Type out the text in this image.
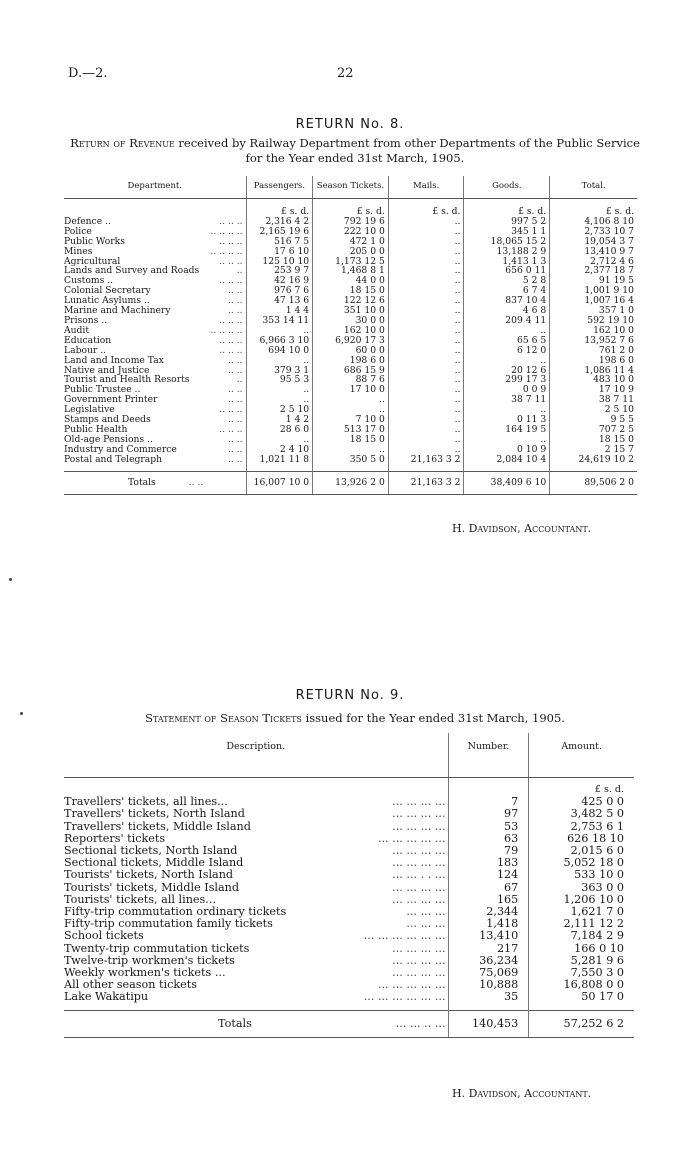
D.—2.	22
RETURN No. 8.
Return of Revenue received by Railway Department from other Departments of the Public Service for the Year ended 31st March, 1905.
Department.	Passengers.	Season Tickets.	Mails.	Goods.	Total.
	£ s. d.	£ s. d.	£ s. d.	£ s. d.	£ s. d.
Defence .. .. .. ..	2,316 4 2	792 19 6	..	997 5 2	4,106 8 10
Police .. .. .. ..	2,165 19 6	222 10 0	..	345 1 1	2,733 10 7
Public Works .. .. ..	516 7 5	472 1 0	..	18,065 15 2	19,054 3 7
Mines .. .. .. ..	17 6 10	205 0 0	..	13,188 2 9	13,410 9 7
Agricultural .. .. ..	125 10 10	1,173 12 5	..	1,413 1 3	2,712 4 6
Lands and Survey and Roads ..	253 9 7	1,468 8 1	..	656 0 11	2,377 18 7
Customs .. .. .. ..	42 16 9	44 0 0	..	5 2 8	91 19 5
Colonial Secretary .. ..	976 7 6	18 15 0	..	6 7 4	1,001 9 10
Lunatic Asylums .. .. ..	47 13 6	122 12 6	..	837 10 4	1,007 16 4
Marine and Machinery .. ..	1 4 4	351 10 0	..	4 6 8	357 1 0
Prisons .. .. .. ..	353 14 11	30 0 0	..	209 4 11	592 19 10
Audit .. .. .. ..	..	162 10 0	..	..	162 10 0
Education .. .. ..	6,966 3 10	6,920 17 3	..	65 6 5	13,952 7 6
Labour .. .. .. ..	694 10 0	60 0 0	..	6 12 0	761 2 0
Land and Income Tax .. ..	..	198 6 0	..	..	198 6 0
Native and Justice .. ..	379 3 1	686 15 9	..	20 12 6	1,086 11 4
Tourist and Health Resorts ..	95 5 3	88 7 6	..	299 17 3	483 10 0
Public Trustee .. .. ..	..	17 10 0	..	0 0 9	17 10 9
Government Printer .. ..	..	..	..	38 7 11	38 7 11
Legislative .. .. ..	2 5 10	..	..	..	2 5 10
Stamps and Deeds .. ..	1 4 2	7 10 0	..	0 11 3	9 5 5
Public Health .. .. ..	28 6 0	513 17 0	..	164 19 5	707 2 5
Old-age Pensions .. .. ..	..	18 15 0	..	..	18 15 0
Industry and Commerce .. ..	2 4 10	..	..	0 10 9	2 15 7
Postal and Telegraph .. ..	1,021 11 8	350 5 0	21,163 3 2	2,084 10 4	24,619 10 2

Totals .. ..	16,007 10 0	13,926 2 0	21,163 3 2	38,409 6 10	89,506 2 0
H. Davidson, Accountant.
RETURN No. 9.
Statement of Season Tickets issued for the Year ended 31st March, 1905.
Description.	Number.	Amount.
		£ s. d.
Travellers' tickets, all lines... ... ... ... ...	7	425 0 0
Travellers' tickets, North Island ... ... ... ...	97	3,482 5 0
Travellers' tickets, Middle Island ... ... ... ...	53	2,753 6 1
Reporters' tickets ... ... ... ... ...	63	626 18 10
Sectional tickets, North Island ... ... ... ...	79	2,015 6 0
Sectional tickets, Middle Island ... ... ... ...	183	5,052 18 0
Tourists' tickets, North Island ... ... . . ...	124	533 10 0
Tourists' tickets, Middle Island ... ... ... ...	67	363 0 0
Tourists' tickets, all lines... ... ... ... ...	165	1,206 10 0
Fifty-trip commutation ordinary tickets ... ... ...	2,344	1,621 7 0
Fifty-trip commutation family tickets ... ... ...	1,418	2,111 12 2
School tickets ... ... ... ... ... ...	13,410	7,184 2 9
Twenty-trip commutation tickets ... ... ... ...	217	166 0 10
Twelve-trip workmen's tickets ... ... ... ...	36,234	5,281 9 6
Weekly workmen's tickets ... ... ... ... ...	75,069	7,550 3 0
All other season tickets ... ... ... ... ...	10,888	16,808 0 0
Lake Wakatipu ... ... ... ... ... ...	35	50 17 0

Totals ... ... .. ...	140,453	57,252 6 2
H. Davidson, Accountant.
